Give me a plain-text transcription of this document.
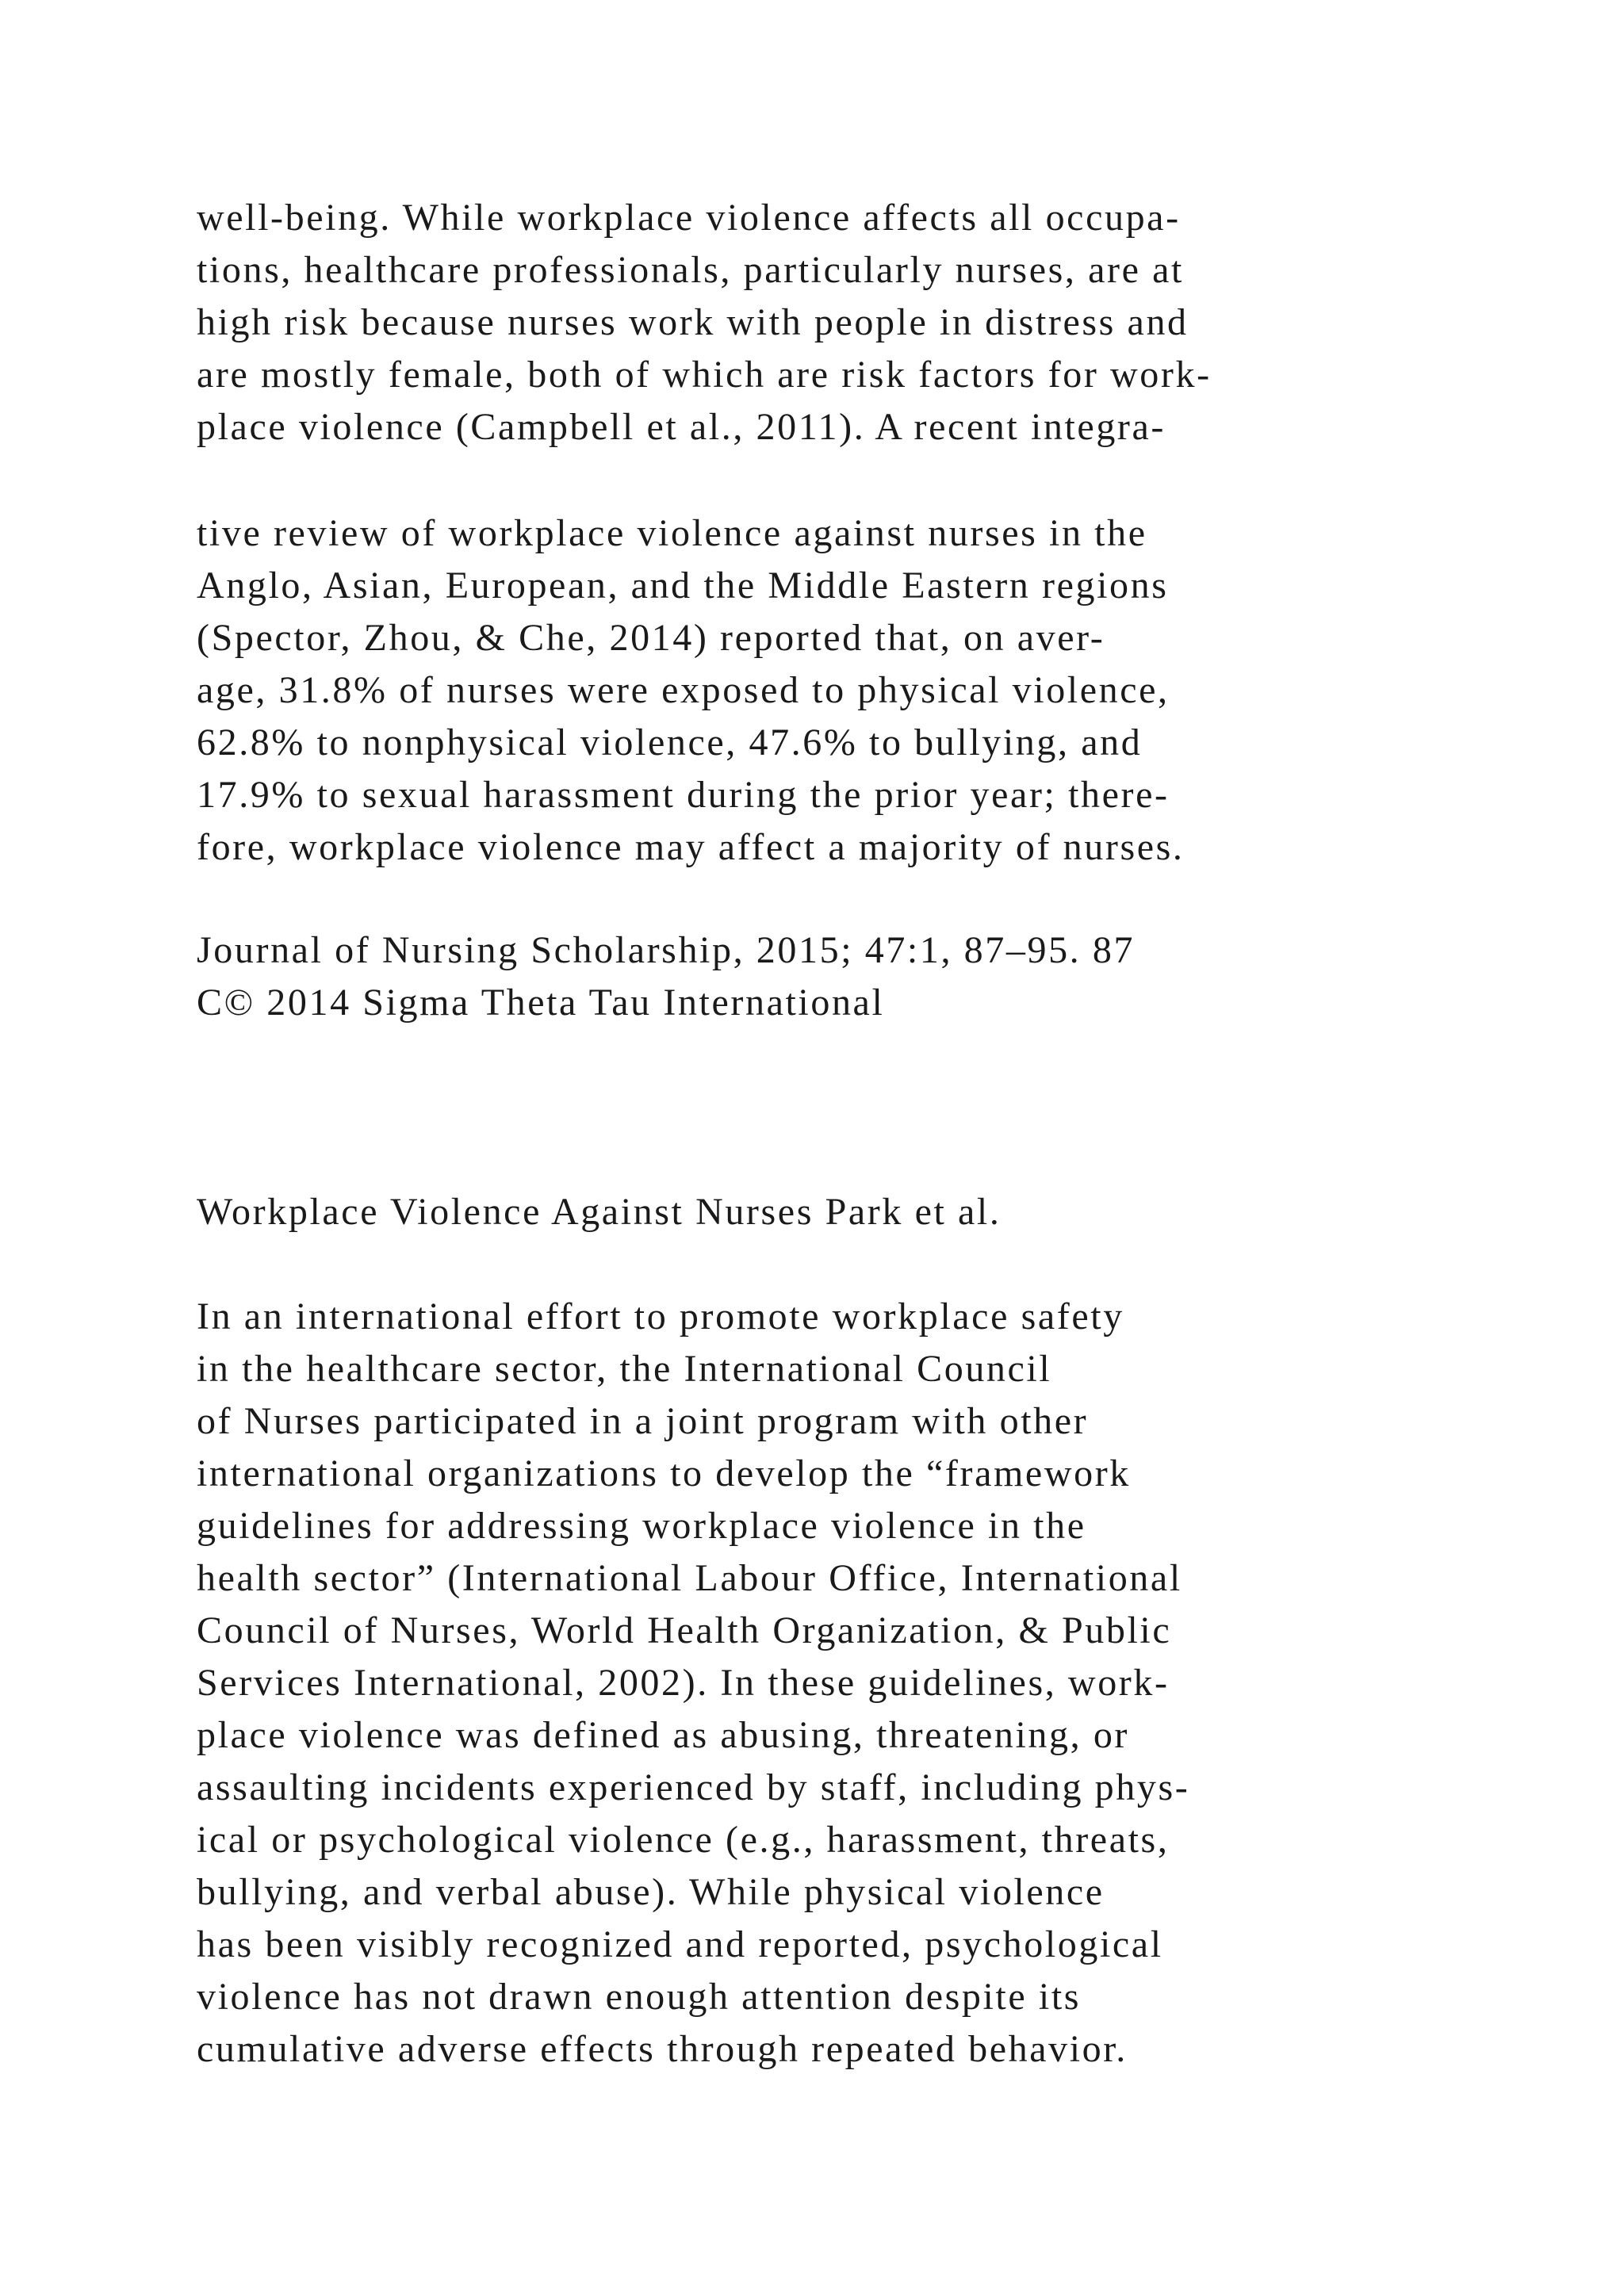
well-being. While workplace violence affects all occupa-
tions, healthcare professionals, particularly nurses, are at
high risk because nurses work with people in distress and
are mostly female, both of which are risk factors for work-
place violence (Campbell et al., 2011). A recent integra-
tive review of workplace violence against nurses in the
Anglo, Asian, European, and the Middle Eastern regions
(Spector, Zhou, & Che, 2014) reported that, on aver-
age, 31.8% of nurses were exposed to physical violence,
62.8% to nonphysical violence, 47.6% to bullying, and
17.9% to sexual harassment during the prior year; there-
fore, workplace violence may affect a majority of nurses.
Journal of Nursing Scholarship, 2015; 47:1, 87–95. 87
C© 2014 Sigma Theta Tau International
Workplace Violence Against Nurses Park et al.
In an international effort to promote workplace safety
in the healthcare sector, the International Council
of Nurses participated in a joint program with other
international organizations to develop the “framework
guidelines for addressing workplace violence in the
health sector” (International Labour Office, International
Council of Nurses, World Health Organization, & Public
Services International, 2002). In these guidelines, work-
place violence was defined as abusing, threatening, or
assaulting incidents experienced by staff, including phys-
ical or psychological violence (e.g., harassment, threats,
bullying, and verbal abuse). While physical violence
has been visibly recognized and reported, psychological
violence has not drawn enough attention despite its
cumulative adverse effects through repeated behavior.
